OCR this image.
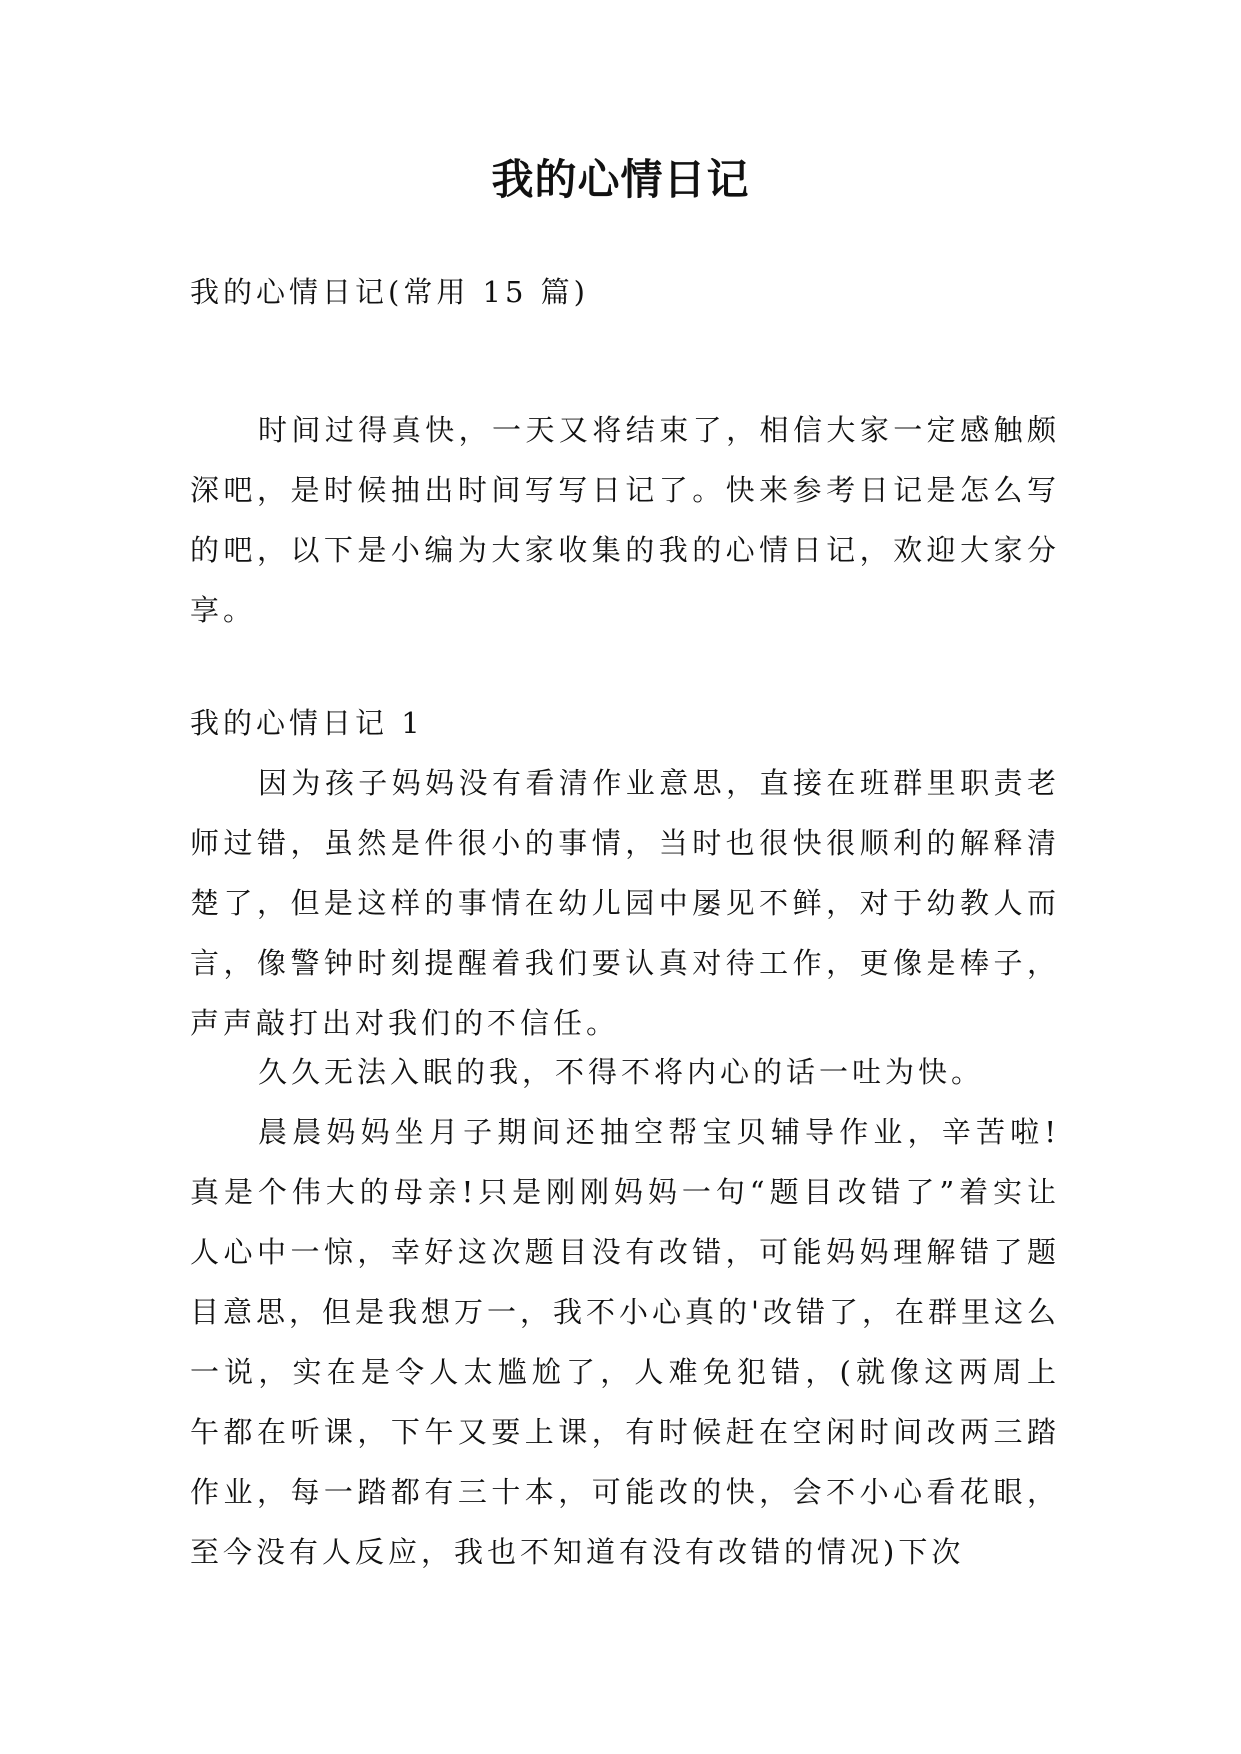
我的心情日记

我的心情日记(常用 15 篇)

时间过得真快，一天又将结束了，相信大家一定感触颇深吧，是时候抽出时间写写日记了。快来参考日记是怎么写的吧，以下是小编为大家收集的我的心情日记，欢迎大家分享。

我的心情日记 1

因为孩子妈妈没有看清作业意思，直接在班群里职责老师过错，虽然是件很小的事情，当时也很快很顺利的解释清楚了，但是这样的事情在幼儿园中屡见不鲜，对于幼教人而言，像警钟时刻提醒着我们要认真对待工作，更像是棒子，声声敲打出对我们的不信任。

久久无法入眠的我，不得不将内心的话一吐为快。

晨晨妈妈坐月子期间还抽空帮宝贝辅导作业，辛苦啦!真是个伟大的母亲!只是刚刚妈妈一句“题目改错了”着实让人心中一惊，幸好这次题目没有改错，可能妈妈理解错了题目意思，但是我想万一，我不小心真的'改错了，在群里这么一说，实在是令人太尴尬了，人难免犯错，(就像这两周上午都在听课，下午又要上课，有时候赶在空闲时间改两三踏作业，每一踏都有三十本，可能改的快，会不小心看花眼，至今没有人反应，我也不知道有没有改错的情况)下次
